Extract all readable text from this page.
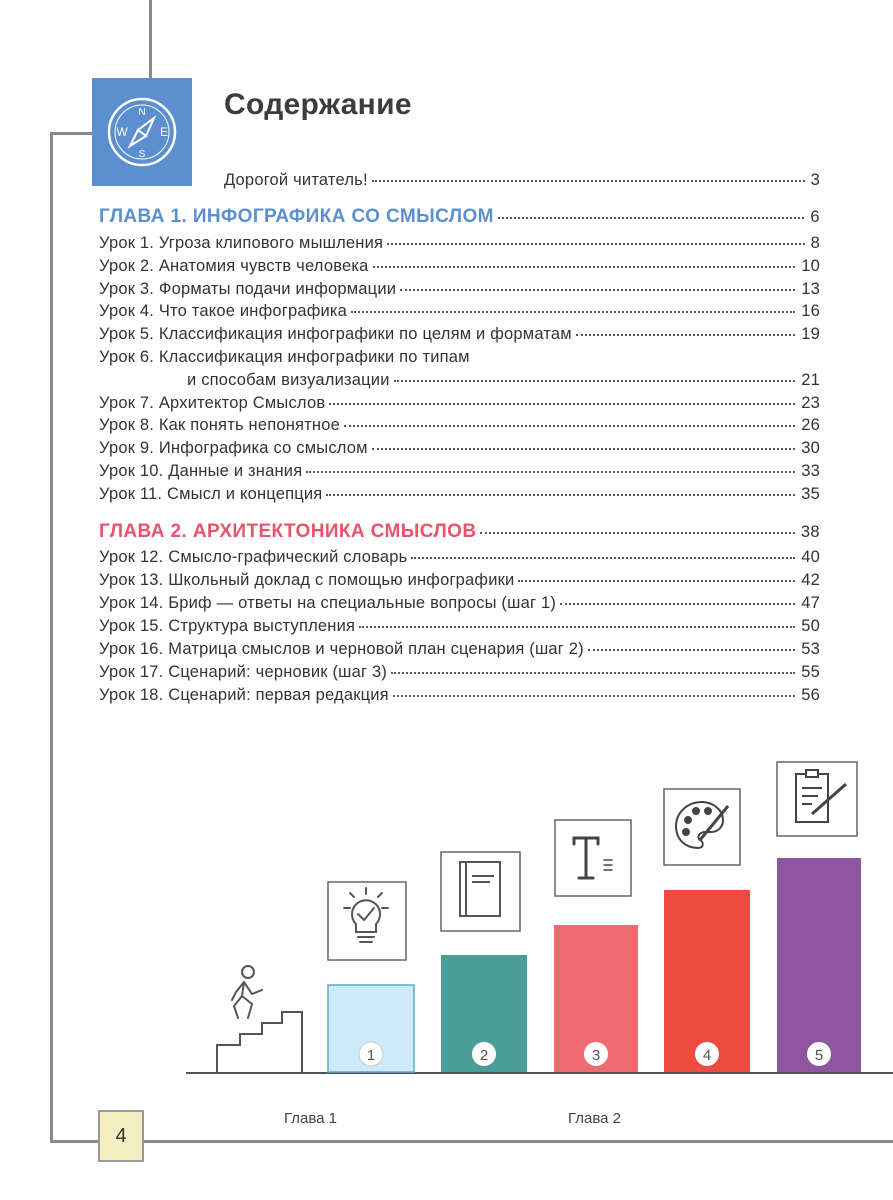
N
S
W	E
Содержание
Дорогой читатель!	3
ГЛАВА 1. ИНФОГРАФИКА СО СМЫСЛОМ	6
Урок 1. Угроза клипового мышления	8
Урок 2. Анатомия чувств человека	10
Урок 3. Форматы подачи информации	13
Урок 4. Что такое инфографика	16
Урок 5. Классификация инфографики по целям и форматам	19
Урок 6. Классификация инфографики по типам
и способам визуализации	21
Урок 7. Архитектор Смыслов	23
Урок 8. Как понять непонятное	26
Урок 9. Инфографика со смыслом	30
Урок 10. Данные и знания	33
Урок 11. Смысл и концепция	35
ГЛАВА 2. АРХИТЕКТОНИКА СМЫСЛОВ	38
Урок 12. Смысло-графический словарь	40
Урок 13. Школьный доклад с помощью инфографики	42
Урок 14. Бриф — ответы на специальные вопросы (шаг 1)	47
Урок 15. Структура выступления	50
Урок 16. Матрица смыслов и черновой план сценария (шаг 2)	53
Урок 17. Сценарий: черновик (шаг 3)	55
Урок 18. Сценарий: первая редакция	56
1	2	3	4	5
Глава 1	Глава 2
4
